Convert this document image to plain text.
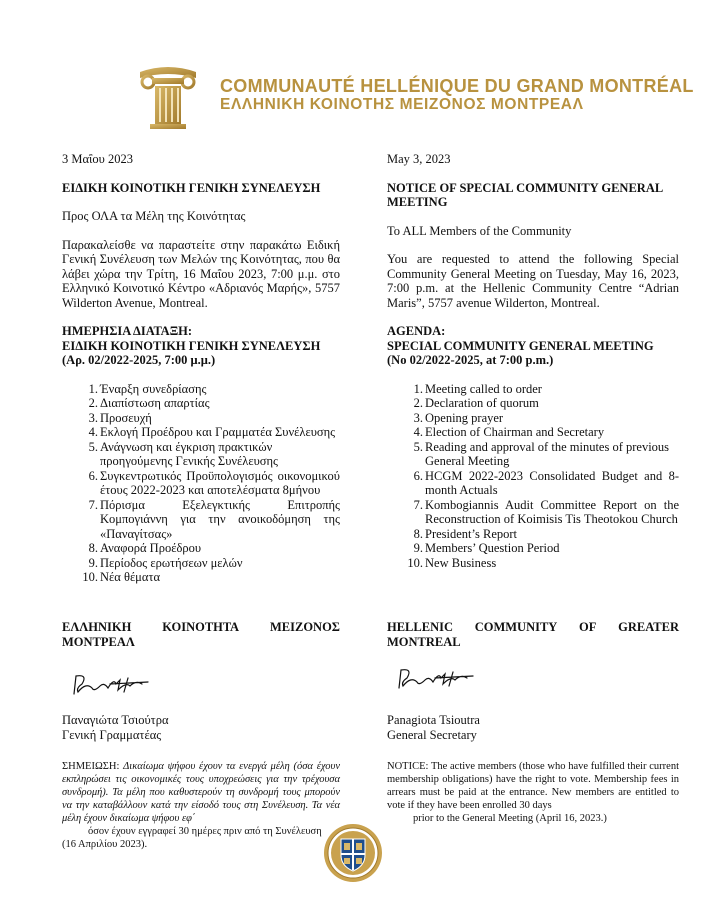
COMMUNAUTÉ HELLÉNIQUE DU GRAND MONTRÉAL
ΕΛΛΗΝΙΚΗ ΚΟΙΝΟΤΗΣ ΜΕΙΖΟΝΟΣ ΜΟΝΤΡΕΑΛ

3 Μαΐου 2023

ΕΙΔΙΚΗ ΚΟΙΝΟΤΙΚΗ ΓΕΝΙΚΗ ΣΥΝΕΛΕΥΣΗ

Προς ΟΛΑ τα Μέλη της Κοινότητας

Παρακαλείσθε να παραστείτε στην παρακάτω Ειδική Γενική Συνέλευση των Μελών της Κοινότητας, που θα λάβει χώρα την Τρίτη, 16 Μαΐου 2023, 7:00 μ.μ. στο Ελληνικό Κοινοτικό Κέντρο «Αδριανός Μαρής», 5757 Wilderton Avenue, Montreal.

ΗΜΕΡΗΣΙΑ ΔΙΑΤΑΞΗ:

ΕΙΔΙΚΗ ΚΟΙΝΟΤΙΚΗ ΓΕΝΙΚΗ ΣΥΝΕΛΕΥΣΗ

(Αρ. 02/2022-2025, 7:00 μ.μ.)

1. Έναρξη συνεδρίασης
2. Διαπίστωση απαρτίας
3. Προσευχή
4. Εκλογή Προέδρου και Γραμματέα Συνέλευσης
5. Ανάγνωση και έγκριση πρακτικών προηγούμενης Γενικής Συνέλευσης
6. Συγκεντρωτικός Προϋπολογισμός οικονομικού έτους 2022-2023 και αποτελέσματα 8μήνου
7. Πόρισμα Εξελεγκτικής Επιτροπής Κομπογιάννη για την ανοικοδόμηση της «Παναγίτσας»
8. Αναφορά Προέδρου
9. Περίοδος ερωτήσεων μελών
10. Νέα θέματα

May 3, 2023

NOTICE OF SPECIAL COMMUNITY GENERAL MEETING

To ALL Members of the Community

You are requested to attend the following Special Community General Meeting on Tuesday, May 16, 2023, 7:00 p.m. at the Hellenic Community Centre “Adrian Maris”, 5757 avenue Wilderton, Montreal.

AGENDA:

SPECIAL COMMUNITY GENERAL MEETING

(No 02/2022-2025, at 7:00 p.m.)

1. Meeting called to order
2. Declaration of quorum
3. Opening prayer
4. Election of Chairman and Secretary
5. Reading and approval of the minutes of previous General Meeting
6. HCGM 2022-2023 Consolidated Budget and 8-month Actuals
7. Kombogiannis Audit Committee Report on the Reconstruction of Koimisis Tis Theotokou Church
8. President’s Report
9. Members’ Question Period
10. New Business
ΕΛΛΗΝΙΚΗ ΚΟΙΝΟΤΗΤΑ ΜΕΙΖΟΝΟΣ
ΜΟΝΤΡΕΑΛ
Παναγιώτα Τσιούτρα
Γενική Γραμματέας
ΣΗΜΕΙΩΣΗ: Δικαίωμα ψήφου έχουν τα ενεργά μέλη (όσα έχουν εκπληρώσει τις οικονομικές τους υποχρεώσεις για την τρέχουσα συνδρομή). Τα μέλη που καθυστερούν τη συνδρομή τους μπορούν να την καταβάλλουν κατά την είσοδό τους στη Συνέλευση. Τα νέα μέλη έχουν δικαίωμα ψήφου εφ΄
όσον έχουν εγγραφεί 30 ημέρες πριν από τη Συνέλευση
(16 Απριλίου 2023).
HELLENIC COMMUNITY OF GREATER
MONTREAL
Panagiota Tsioutra
General Secretary
NOTICE: The active members (those who have fulfilled their current membership obligations) have the right to vote. Membership fees in arrears must be paid at the entrance. New members are entitled to vote if they have been enrolled 30 days
prior to the General Meeting (April 16, 2023.)
